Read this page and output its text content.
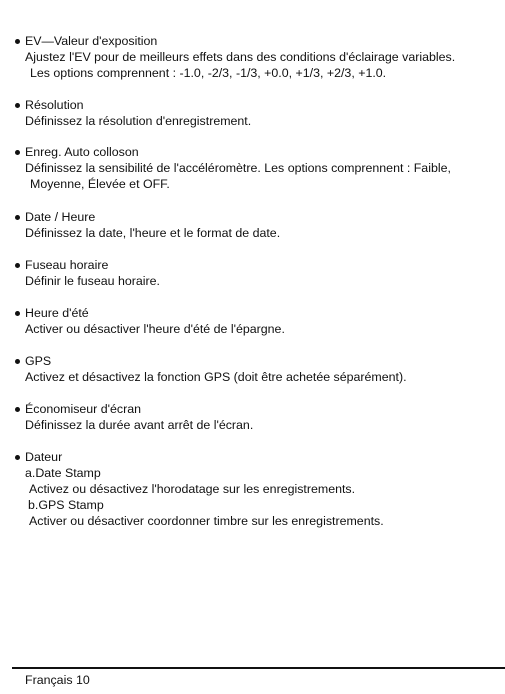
EV—Valeur d'exposition
Ajustez l'EV pour de meilleurs effets dans des conditions d'éclairage variables.
Les options comprennent : -1.0, -2/3, -1/3, +0.0, +1/3, +2/3, +1.0.
Résolution
Définissez la résolution d'enregistrement.
Enreg. Auto colloson
Définissez la sensibilité de l'accéléromètre. Les options comprennent : Faible,
Moyenne, Élevée et OFF.
Date / Heure
Définissez la date, l'heure et le format de date.
Fuseau horaire
Définir le fuseau horaire.
Heure d'été
Activer ou désactiver l'heure d'été de l'épargne.
GPS
Activez et désactivez la fonction GPS (doit être achetée séparément).
Économiseur d'écran
Définissez la durée avant arrêt de l'écran.
Dateur
a.Date Stamp
Activez ou désactivez l'horodatage sur les enregistrements.
b.GPS Stamp
Activer ou désactiver coordonner timbre sur les enregistrements.
Français 10
